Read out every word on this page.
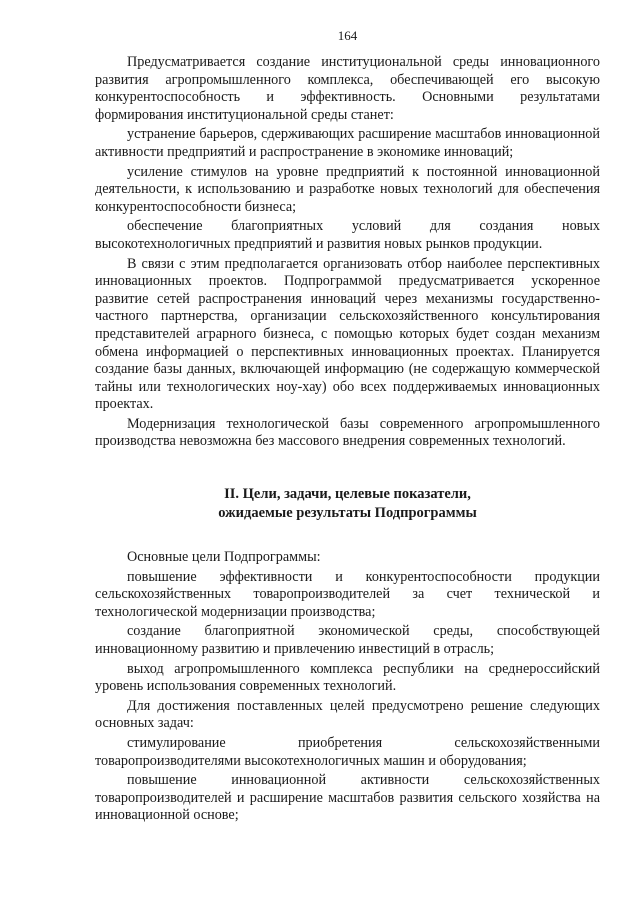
164

Предусматривается создание институциональной среды инновационного развития агропромышленного комплекса, обеспечивающей его высокую конкурентоспособность и эффективность. Основными результатами формирования институциональной среды станет:

устранение барьеров, сдерживающих расширение масштабов инновационной активности предприятий и распространение в экономике инноваций;

усиление стимулов на уровне предприятий к постоянной инновационной деятельности, к использованию и разработке новых технологий для обеспечения конкурентоспособности бизнеса;

обеспечение благоприятных условий для создания новых высокотехнологичных предприятий и развития новых рынков продукции.

В связи с этим предполагается организовать отбор наиболее перспективных инновационных проектов. Подпрограммой предусматривается ускоренное развитие сетей распространения инноваций через механизмы государственно-частного партнерства, организации сельскохозяйственного консультирования представителей аграрного бизнеса, с помощью которых будет создан механизм обмена информацией о перспективных инновационных проектах. Планируется создание базы данных, включающей информацию (не содержащую коммерческой тайны или технологических ноу-хау) обо всех поддерживаемых инновационных проектах.

Модернизация технологической базы современного агропромышленного производства невозможна без массового внедрения современных технологий.

II. Цели, задачи, целевые показатели,
ожидаемые результаты Подпрограммы

Основные цели Подпрограммы:

повышение эффективности и конкурентоспособности продукции сельскохозяйственных товаропроизводителей за счет технической и технологической модернизации производства;

создание благоприятной экономической среды, способствующей инновационному развитию и привлечению инвестиций в отрасль;

выход агропромышленного комплекса республики на среднероссийский уровень использования современных технологий.

Для достижения поставленных целей предусмотрено решение следующих основных задач:

стимулирование приобретения сельскохозяйственными товаропроизводителями высокотехнологичных машин и оборудования;

повышение инновационной активности сельскохозяйственных товаропроизводителей и расширение масштабов развития сельского хозяйства на инновационной основе;
